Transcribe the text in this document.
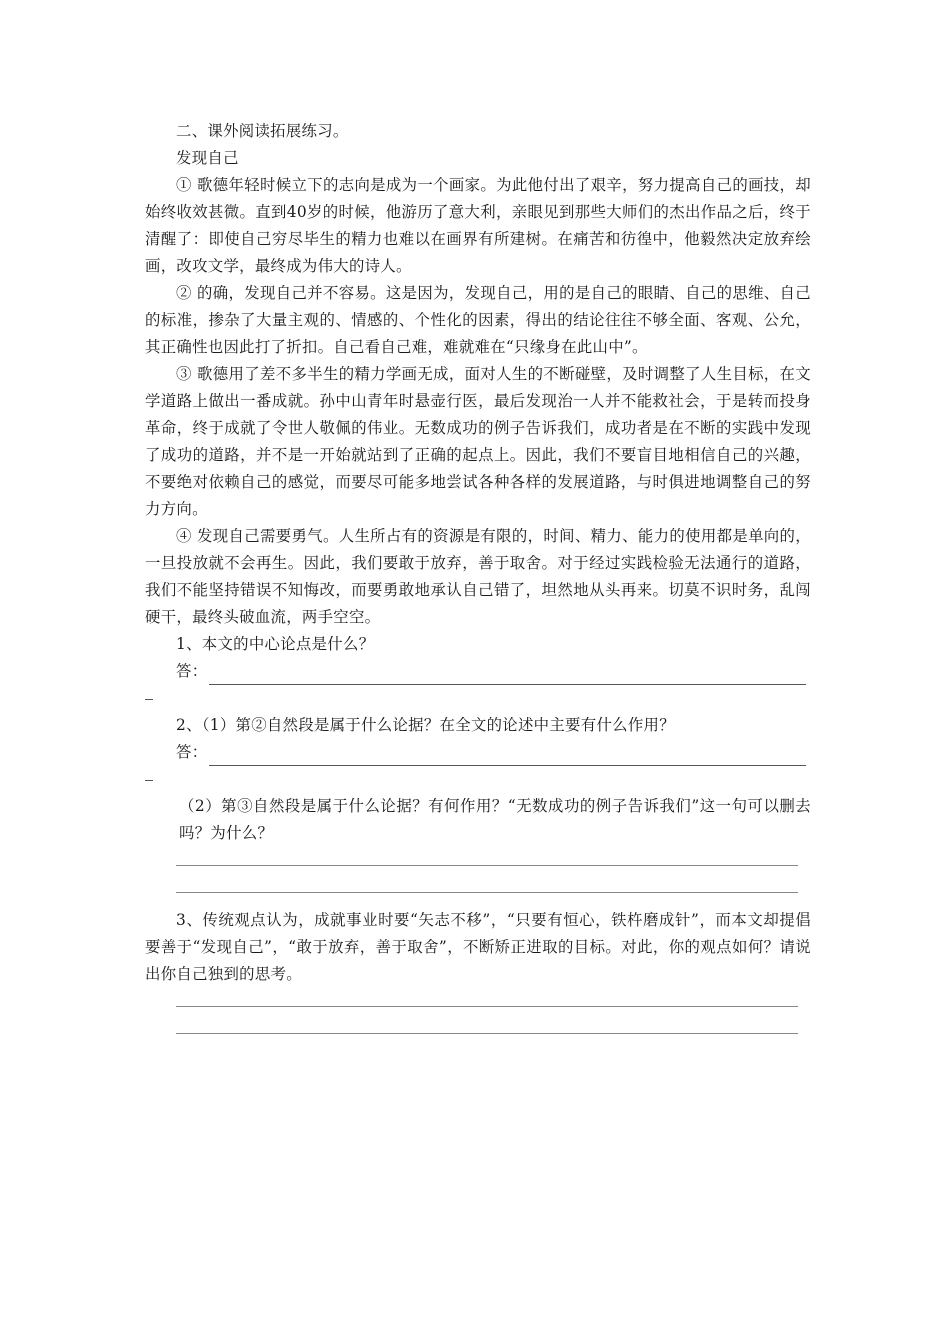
二、课外阅读拓展练习。
发现自己
① 歌德年轻时候立下的志向是成为一个画家。为此他付出了艰辛，努力提高自己的画技，却始终收效甚微。直到40岁的时候，他游历了意大利，亲眼见到那些大师们的杰出作品之后，终于清醒了：即使自己穷尽毕生的精力也难以在画界有所建树。在痛苦和彷徨中，他毅然决定放弃绘画，改攻文学，最终成为伟大的诗人。
② 的确，发现自己并不容易。这是因为，发现自己，用的是自己的眼睛、自己的思维、自己的标准，掺杂了大量主观的、情感的、个性化的因素，得出的结论往往不够全面、客观、公允，其正确性也因此打了折扣。自己看自己难，难就难在“只缘身在此山中”。
③ 歌德用了差不多半生的精力学画无成，面对人生的不断碰壁，及时调整了人生目标，在文学道路上做出一番成就。孙中山青年时悬壶行医，最后发现治一人并不能救社会，于是转而投身革命，终于成就了令世人敬佩的伟业。无数成功的例子告诉我们，成功者是在不断的实践中发现了成功的道路，并不是一开始就站到了正确的起点上。因此，我们不要盲目地相信自己的兴趣，不要绝对依赖自己的感觉，而要尽可能多地尝试各种各样的发展道路，与时俱进地调整自己的努力方向。
④ 发现自己需要勇气。人生所占有的资源是有限的，时间、精力、能力的使用都是单向的，一旦投放就不会再生。因此，我们要敢于放弃，善于取舍。对于经过实践检验无法通行的道路，我们不能坚持错误不知悔改，而要勇敢地承认自己错了，坦然地从头再来。切莫不识时务，乱闯硬干，最终头破血流，两手空空。
1、本文的中心论点是什么？
答：
2、（1）第②自然段是属于什么论据？在全文的论述中主要有什么作用？
答：
（2）第③自然段是属于什么论据？有何作用？“无数成功的例子告诉我们”这一句可以删去吗？为什么？
3、传统观点认为，成就事业时要“矢志不移”，“只要有恒心，铁杵磨成针”，而本文却提倡要善于“发现自己”，“敢于放弃，善于取舍”，不断矫正进取的目标。对此，你的观点如何？请说出你自己独到的思考。
